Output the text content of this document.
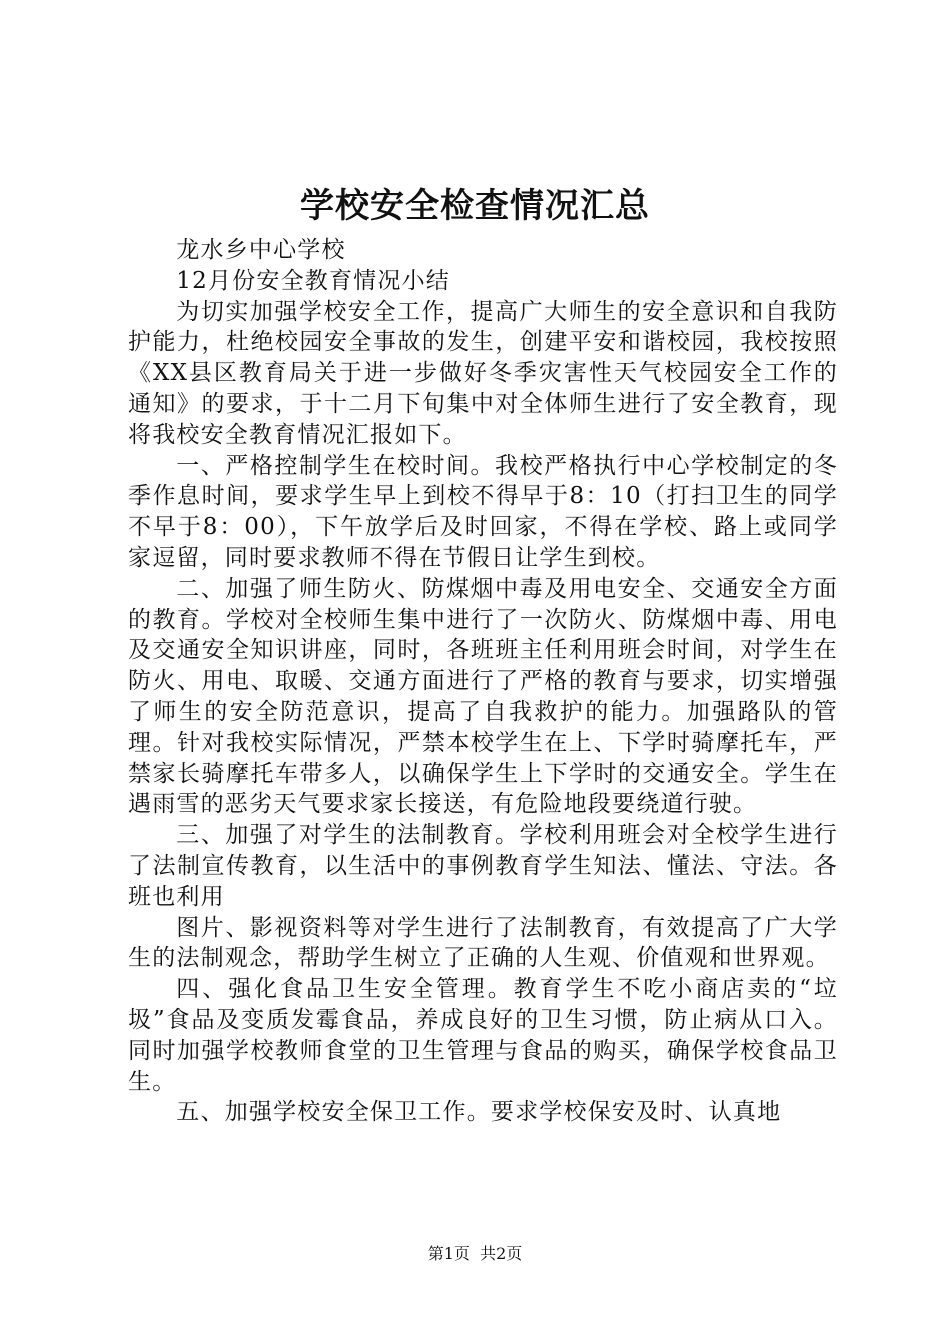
学校安全检查情况汇总

龙水乡中心学校

12月份安全教育情况小结

为切实加强学校安全工作，提高广大师生的安全意识和自我防护能力，杜绝校园安全事故的发生，创建平安和谐校园，我校按照《XX县区教育局关于进一步做好冬季灾害性天气校园安全工作的通知》的要求，于十二月下旬集中对全体师生进行了安全教育，现将我校安全教育情况汇报如下。

一、严格控制学生在校时间。我校严格执行中心学校制定的冬季作息时间，要求学生早上到校不得早于8：10（打扫卫生的同学不早于8：00），下午放学后及时回家，不得在学校、路上或同学家逗留，同时要求教师不得在节假日让学生到校。

二、加强了师生防火、防煤烟中毒及用电安全、交通安全方面的教育。学校对全校师生集中进行了一次防火、防煤烟中毒、用电及交通安全知识讲座，同时，各班班主任利用班会时间，对学生在防火、用电、取暖、交通方面进行了严格的教育与要求，切实增强了师生的安全防范意识，提高了自我救护的能力。加强路队的管理。针对我校实际情况，严禁本校学生在上、下学时骑摩托车，严禁家长骑摩托车带多人，以确保学生上下学时的交通安全。学生在遇雨雪的恶劣天气要求家长接送，有危险地段要绕道行驶。

三、加强了对学生的法制教育。学校利用班会对全校学生进行了法制宣传教育，以生活中的事例教育学生知法、懂法、守法。各班也利用

图片、影视资料等对学生进行了法制教育，有效提高了广大学生的法制观念，帮助学生树立了正确的人生观、价值观和世界观。

四、强化食品卫生安全管理。教育学生不吃小商店卖的“垃圾”食品及变质发霉食品，养成良好的卫生习惯，防止病从口入。同时加强学校教师食堂的卫生管理与食品的购买，确保学校食品卫生。

五、加强学校安全保卫工作。要求学校保安及时、认真地

第1页 共2页
